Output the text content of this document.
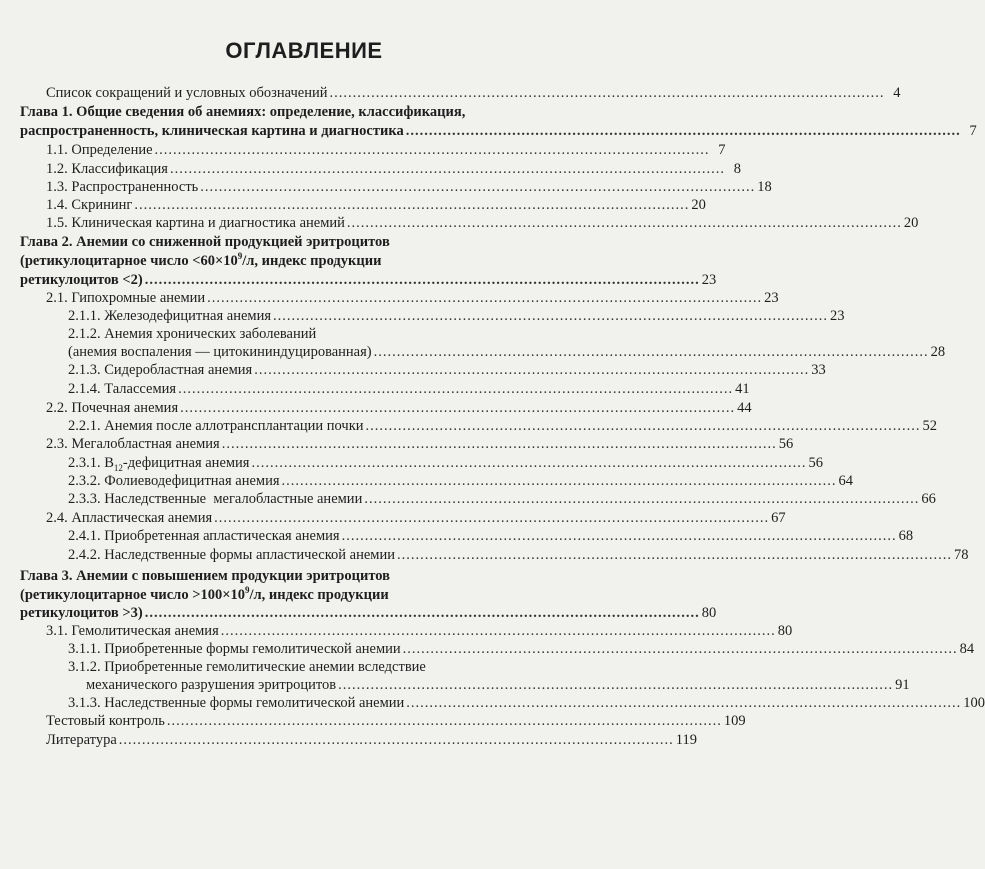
ОГЛАВЛЕНИЕ
Список сокращений и условных обозначений ........................................................................................................................ 4
Глава 1. Общие сведения об анемиях: определение, классификация,
распространенность, клиническая картина и диагностика ........................................................................................................................ 7
1.1. Определение ........................................................................................................................ 7
1.2. Классификация ........................................................................................................................ 8
1.3. Распространенность ........................................................................................................................ 18
1.4. Скрининг ........................................................................................................................ 20
1.5. Клиническая картина и диагностика анемий ........................................................................................................................ 20
Глава 2. Анемии со сниженной продукцией эритроцитов
(ретикулоцитарное число $<60\times 10^9/л$, индекс продукции
ретикулоцитов <2) ........................................................................................................................ 23
2.1. Гипохромные анемии ........................................................................................................................ 23
2.1.1. Железодефицитная анемия ........................................................................................................................ 23
2.1.2. Анемия хронических заболеваний
(анемия воспаления — цитокининдуцированная) ........................................................................................................................ 28
2.1.3. Сидеробластная анемия ........................................................................................................................ 33
2.1.4. Талассемия ........................................................................................................................ 41
2.2. Почечная анемия ........................................................................................................................ 44
2.2.1. Анемия после аллотрансплантации почки ........................................................................................................................ 52
2.3. Мегалобластная анемия ........................................................................................................................ 56
2.3.1. $B_{12}$-дефицитная анемия ........................................................................................................................ 56
2.3.2. Фолиеводефицитная анемия ........................................................................................................................ 64
2.3.3. Наследственные  мегалобластные анемии ........................................................................................................................ 66
2.4. Апластическая анемия ........................................................................................................................ 67
2.4.1. Приобретенная апластическая анемия ........................................................................................................................ 68
2.4.2. Наследственные формы апластической анемии ........................................................................................................................ 78
Глава 3. Анемии с повышением продукции эритроцитов
(ретикулоцитарное число $>100\times 10^9/л$, индекс продукции
ретикулоцитов >3) ........................................................................................................................ 80
3.1. Гемолитическая анемия ........................................................................................................................ 80
3.1.1. Приобретенные формы гемолитической анемии ........................................................................................................................ 84
3.1.2. Приобретенные гемолитические анемии вследствие
механического разрушения эритроцитов ........................................................................................................................ 91
3.1.3. Наследственные формы гемолитической анемии ........................................................................................................................ 100
Тестовый контроль ........................................................................................................................ 109
Литература ........................................................................................................................ 119
